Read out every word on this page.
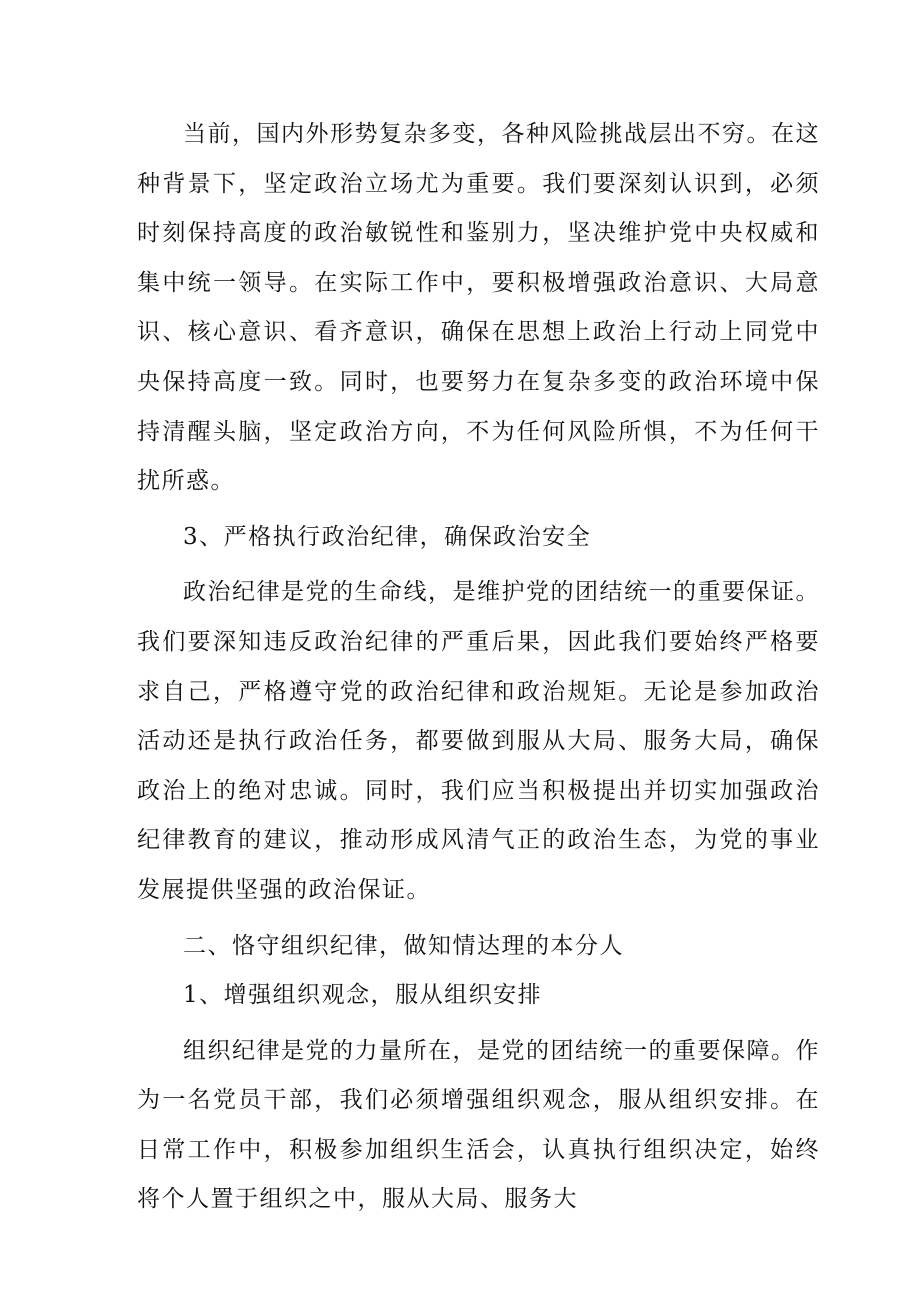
当前，国内外形势复杂多变，各种风险挑战层出不穷。在这种背景下，坚定政治立场尤为重要。我们要深刻认识到，必须时刻保持高度的政治敏锐性和鉴别力，坚决维护党中央权威和集中统一领导。在实际工作中，要积极增强政治意识、大局意识、核心意识、看齐意识，确保在思想上政治上行动上同党中央保持高度一致。同时，也要努力在复杂多变的政治环境中保持清醒头脑，坚定政治方向，不为任何风险所惧，不为任何干扰所惑。

3、严格执行政治纪律，确保政治安全

政治纪律是党的生命线，是维护党的团结统一的重要保证。我们要深知违反政治纪律的严重后果，因此我们要始终严格要求自己，严格遵守党的政治纪律和政治规矩。无论是参加政治活动还是执行政治任务，都要做到服从大局、服务大局，确保政治上的绝对忠诚。同时，我们应当积极提出并切实加强政治纪律教育的建议，推动形成风清气正的政治生态，为党的事业发展提供坚强的政治保证。

二、恪守组织纪律，做知情达理的本分人

1、增强组织观念，服从组织安排

组织纪律是党的力量所在，是党的团结统一的重要保障。作为一名党员干部，我们必须增强组织观念，服从组织安排。在日常工作中，积极参加组织生活会，认真执行组织决定，始终将个人置于组织之中，服从大局、服务大
